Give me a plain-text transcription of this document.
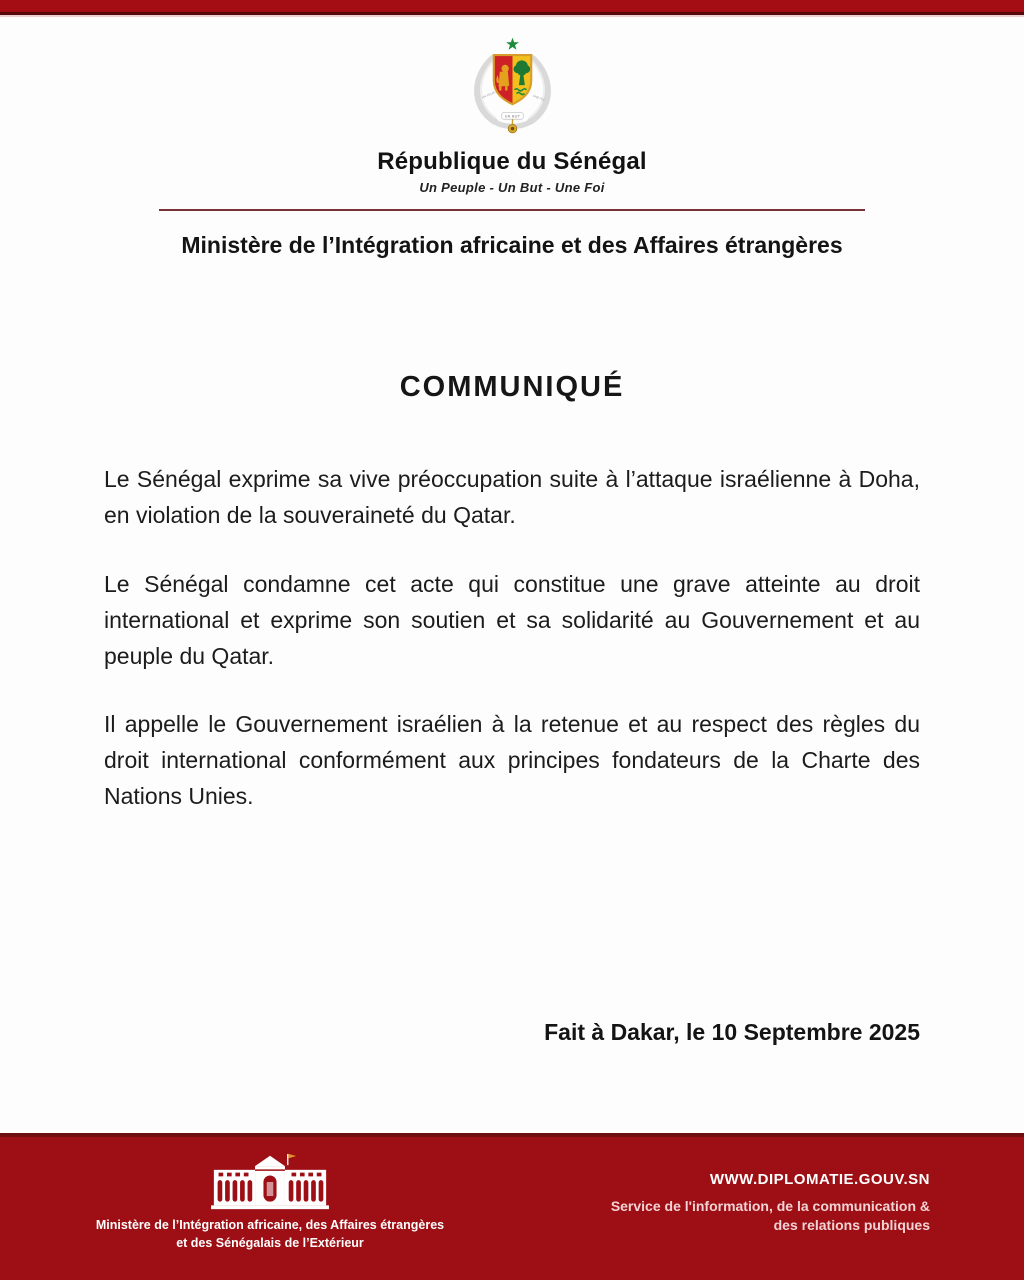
UN PEUPLE	UNE FOI
UN BUT
République du Sénégal
Un Peuple - Un But - Une Foi
Ministère de l’Intégration africaine et des Affaires étrangères
COMMUNIQUÉ

Le Sénégal exprime sa vive préoccupation suite à l’attaque israélienne à Doha, en violation de la souveraineté du Qatar.

Le Sénégal condamne cet acte qui constitue une grave atteinte au droit international et exprime son soutien et sa solidarité au Gouvernement et au peuple du Qatar.

Il appelle le Gouvernement israélien à la retenue et au respect des règles du droit international conformément aux principes fondateurs de la Charte des Nations Unies.

Fait à Dakar, le 10 Septembre 2025
Ministère de l’Intégration africaine, des Affaires étrangères
et des Sénégalais de l’Extérieur
WWW.DIPLOMATIE.GOUV.SN
Service de l'information, de la communication &
des relations publiques
